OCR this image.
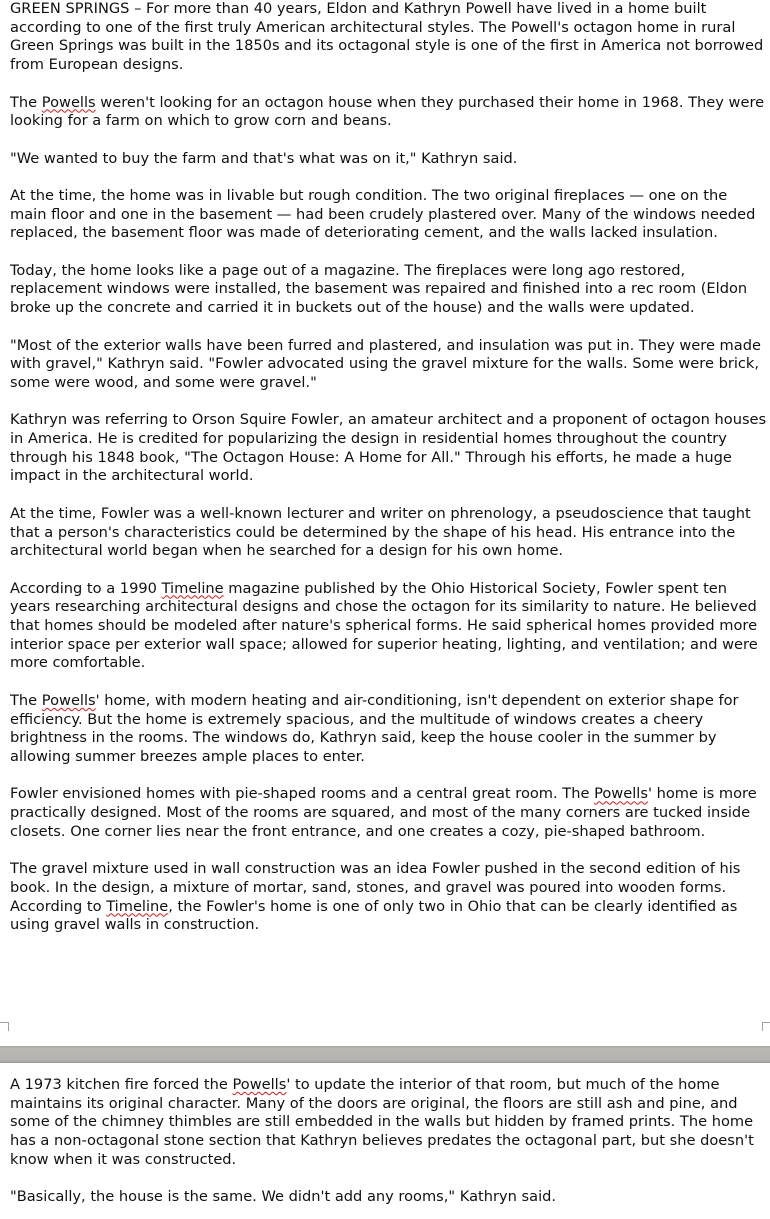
GREEN SPRINGS – For more than 40 years, Eldon and Kathryn Powell have lived in a home built according to one of the first truly American architectural styles. The Powell's octagon home in rural Green Springs was built in the 1850s and its octagonal style is one of the first in America not borrowed from European designs.

The Powells weren't looking for an octagon house when they purchased their home in 1968. They were looking for a farm on which to grow corn and beans.

"We wanted to buy the farm and that's what was on it," Kathryn said.

At the time, the home was in livable but rough condition. The two original fireplaces — one on the main floor and one in the basement — had been crudely plastered over. Many of the windows needed replaced, the basement floor was made of deteriorating cement, and the walls lacked insulation.

Today, the home looks like a page out of a magazine. The fireplaces were long ago restored, replacement windows were installed, the basement was repaired and finished into a rec room (Eldon broke up the concrete and carried it in buckets out of the house) and the walls were updated.

"Most of the exterior walls have been furred and plastered, and insulation was put in. They were made with gravel," Kathryn said. "Fowler advocated using the gravel mixture for the walls. Some were brick, some were wood, and some were gravel."

Kathryn was referring to Orson Squire Fowler, an amateur architect and a proponent of octagon houses in America. He is credited for popularizing the design in residential homes throughout the country through his 1848 book, "The Octagon House: A Home for All." Through his efforts, he made a huge impact in the architectural world.

At the time, Fowler was a well-known lecturer and writer on phrenology, a pseudoscience that taught that a person's characteristics could be determined by the shape of his head. His entrance into the architectural world began when he searched for a design for his own home.

According to a 1990 Timeline magazine published by the Ohio Historical Society, Fowler spent ten years researching architectural designs and chose the octagon for its similarity to nature. He believed that homes should be modeled after nature's spherical forms. He said spherical homes provided more interior space per exterior wall space; allowed for superior heating, lighting, and ventilation; and were more comfortable.

The Powells' home, with modern heating and air-conditioning, isn't dependent on exterior shape for efficiency. But the home is extremely spacious, and the multitude of windows creates a cheery brightness in the rooms. The windows do, Kathryn said, keep the house cooler in the summer by allowing summer breezes ample places to enter.

Fowler envisioned homes with pie-shaped rooms and a central great room. The Powells' home is more practically designed. Most of the rooms are squared, and most of the many corners are tucked inside closets. One corner lies near the front entrance, and one creates a cozy, pie-shaped bathroom.

The gravel mixture used in wall construction was an idea Fowler pushed in the second edition of his book. In the design, a mixture of mortar, sand, stones, and gravel was poured into wooden forms. According to Timeline, the Fowler's home is one of only two in Ohio that can be clearly identified as using gravel walls in construction.

A 1973 kitchen fire forced the Powells' to update the interior of that room, but much of the home maintains its original character. Many of the doors are original, the floors are still ash and pine, and some of the chimney thimbles are still embedded in the walls but hidden by framed prints. The home has a non-octagonal stone section that Kathryn believes predates the octagonal part, but she doesn't know when it was constructed.

"Basically, the house is the same. We didn't add any rooms," Kathryn said.
